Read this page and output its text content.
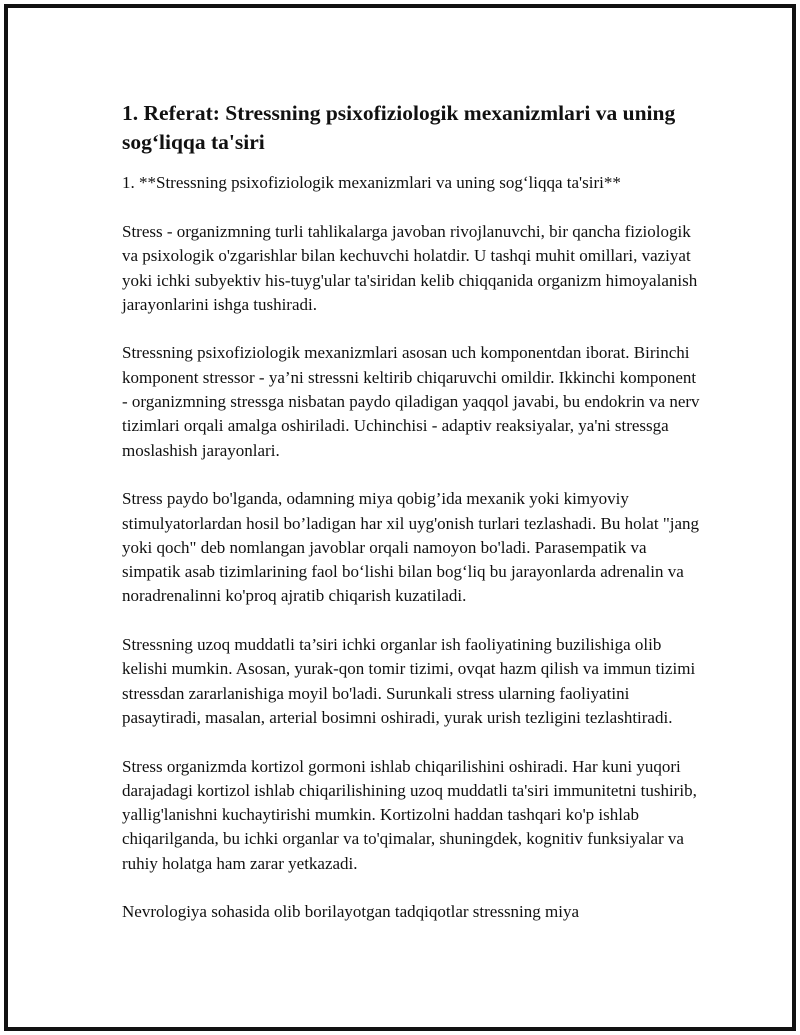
1. Referat: Stressning psixofiziologik mexanizmlari va uning sog‘liqqa ta'siri

1. **Stressning psixofiziologik mexanizmlari va uning sog‘liqqa ta'siri**

Stress - organizmning turli tahlikalarga javoban rivojlanuvchi, bir qancha fiziologik va psixologik o'zgarishlar bilan kechuvchi holatdir. U tashqi muhit omillari, vaziyat yoki ichki subyektiv his-tuyg'ular ta'siridan kelib chiqqanida organizm himoyalanish jarayonlarini ishga tushiradi.

Stressning psixofiziologik mexanizmlari asosan uch komponentdan iborat. Birinchi komponent stressor - ya’ni stressni keltirib chiqaruvchi omildir. Ikkinchi komponent - organizmning stressga nisbatan paydo qiladigan yaqqol javabi, bu endokrin va nerv tizimlari orqali amalga oshiriladi. Uchinchisi - adaptiv reaksiyalar, ya'ni stressga moslashish jarayonlari.

Stress paydo bo'lganda, odamning miya qobig’ida mexanik yoki kimyoviy stimulyatorlardan hosil bo’ladigan har xil uyg'onish turlari tezlashadi. Bu holat "jang yoki qoch" deb nomlangan javoblar orqali namoyon bo'ladi. Parasempatik va simpatik asab tizimlarining faol bo‘lishi bilan bog‘liq bu jarayonlarda adrenalin va noradrenalinni ko'proq ajratib chiqarish kuzatiladi.

Stressning uzoq muddatli ta’siri ichki organlar ish faoliyatining buzilishiga olib kelishi mumkin. Asosan, yurak-qon tomir tizimi, ovqat hazm qilish va immun tizimi stressdan zararlanishiga moyil bo'ladi. Surunkali stress ularning faoliyatini pasaytiradi, masalan, arterial bosimni oshiradi, yurak urish tezligini tezlashtiradi.

Stress organizmda kortizol gormoni ishlab chiqarilishini oshiradi. Har kuni yuqori darajadagi kortizol ishlab chiqarilishining uzoq muddatli ta'siri immunitetni tushirib, yallig'lanishni kuchaytirishi mumkin. Kortizolni haddan tashqari ko'p ishlab chiqarilganda, bu ichki organlar va to'qimalar, shuningdek, kognitiv funksiyalar va ruhiy holatga ham zarar yetkazadi.

Nevrologiya sohasida olib borilayotgan tadqiqotlar stressning miya
